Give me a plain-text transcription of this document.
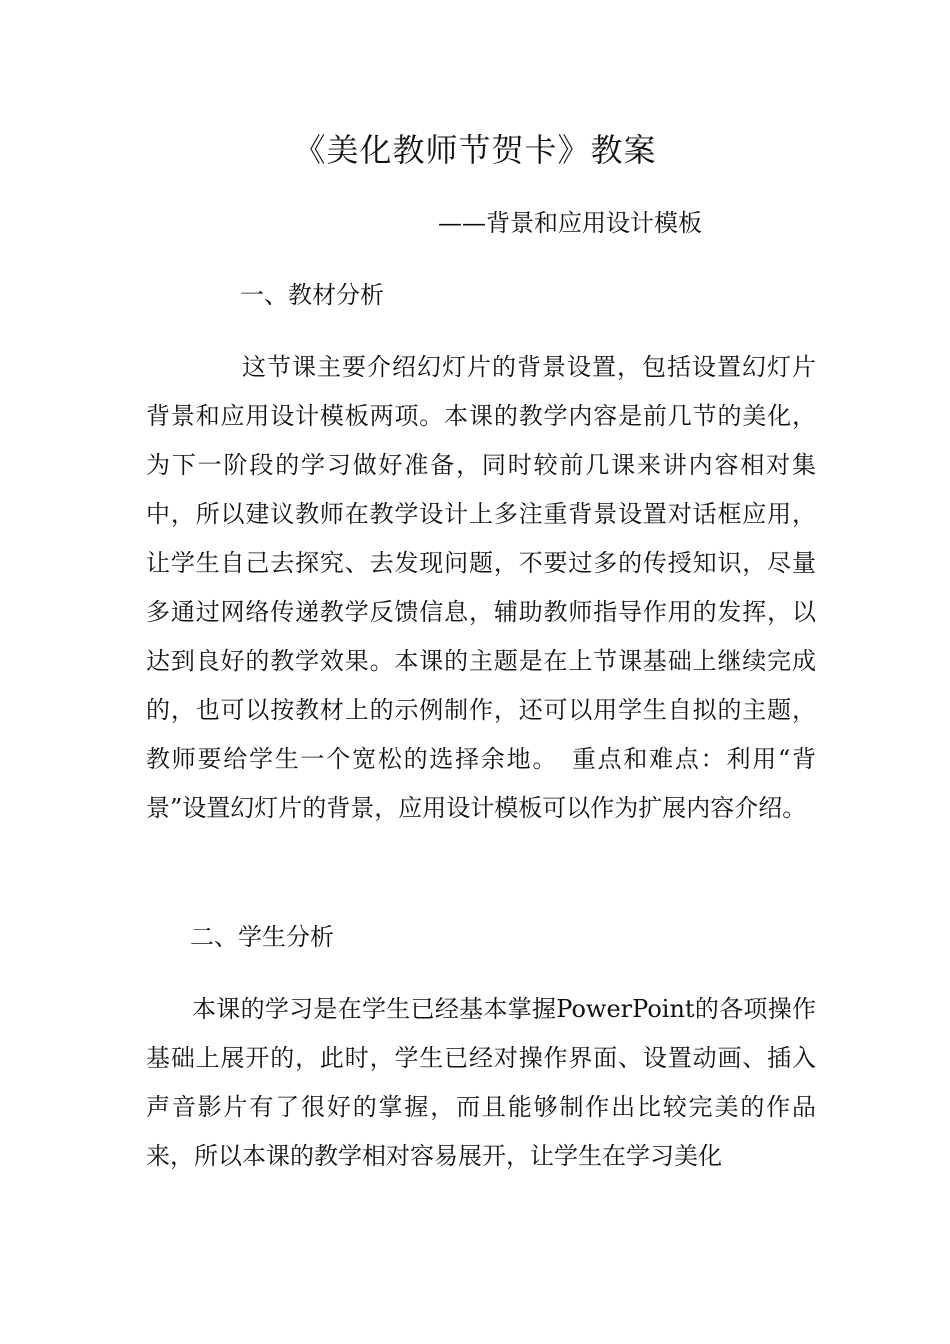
《美化教师节贺卡》教案
——背景和应用设计模板
一、教材分析

这节课主要介绍幻灯片的背景设置，包括设置幻灯片背景和应用设计模板两项。本课的教学内容是前几节的美化，为下一阶段的学习做好准备，同时较前几课来讲内容相对集中，所以建议教师在教学设计上多注重背景设置对话框应用，让学生自己去探究、去发现问题，不要过多的传授知识，尽量多通过网络传递教学反馈信息，辅助教师指导作用的发挥，以达到良好的教学效果。本课的主题是在上节课基础上继续完成的，也可以按教材上的示例制作，还可以用学生自拟的主题，教师要给学生一个宽松的选择余地。　重点和难点：利用“背景”设置幻灯片的背景，应用设计模板可以作为扩展内容介绍。

二、学生分析

本课的学习是在学生已经基本掌握PowerPoint的各项操作基础上展开的，此时，学生已经对操作界面、设置动画、插入声音影片有了很好的掌握，而且能够制作出比较完美的作品来，所以本课的教学相对容易展开，让学生在学习美化
